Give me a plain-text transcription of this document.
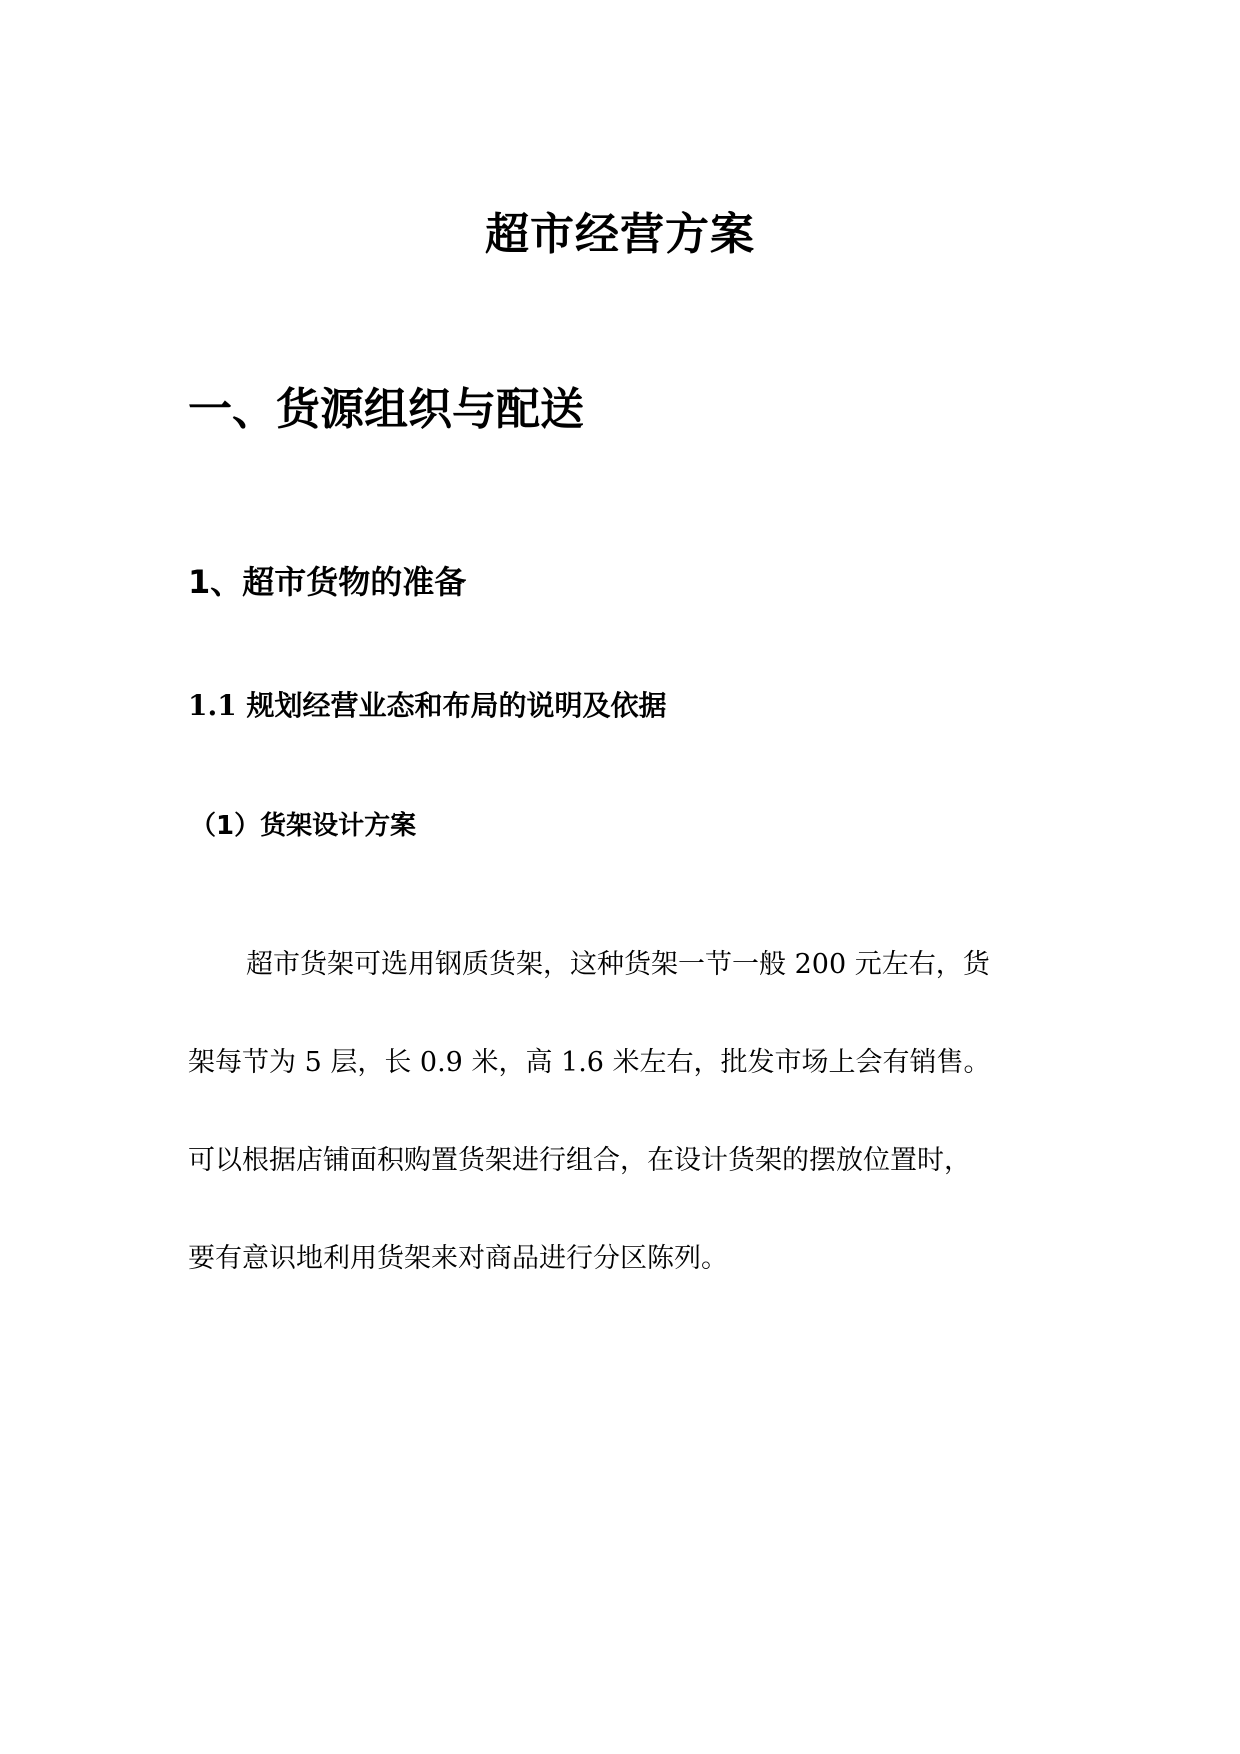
超市经营方案
一、货源组织与配送
1、超市货物的准备
1.1 规划经营业态和布局的说明及依据
（1）货架设计方案

超市货架可选用钢质货架，这种货架一节一般 200 元左右，货
架每节为 5 层，长 0.9 米，高 1.6 米左右，批发市场上会有销售。
可以根据店铺面积购置货架进行组合，在设计货架的摆放位置时，
要有意识地利用货架来对商品进行分区陈列。
